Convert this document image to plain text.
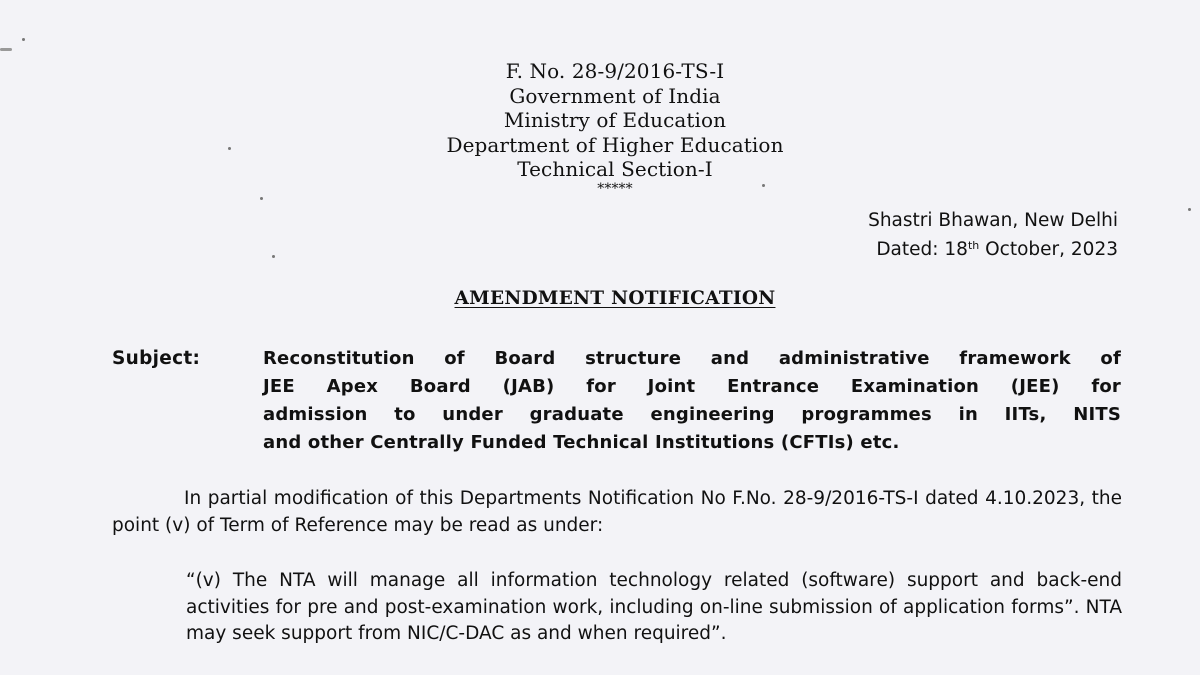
F. No. 28-9/2016-TS-I
Government of India
Ministry of Education
Department of Higher Education
Technical Section-I
*****
Shastri Bhawan, New Delhi
Dated: 18th October, 2023
AMENDMENT NOTIFICATION
Subject:	Reconstitution of Board structure and administrative framework of
JEE Apex Board (JAB) for Joint Entrance Examination (JEE) for
admission to under graduate engineering programmes in IITs, NITS
and other Centrally Funded Technical Institutions (CFTIs) etc.
In partial modification of this Departments Notification No F.No. 28-9/2016-TS-I dated 4.10.2023, the point (v) of Term of Reference may be read as under:
“(v) The NTA will manage all information technology related (software) support and back-end activities for pre and post-examination work, including on-line submission of application forms”. NTA may seek support from NIC/C-DAC as and when required”.
